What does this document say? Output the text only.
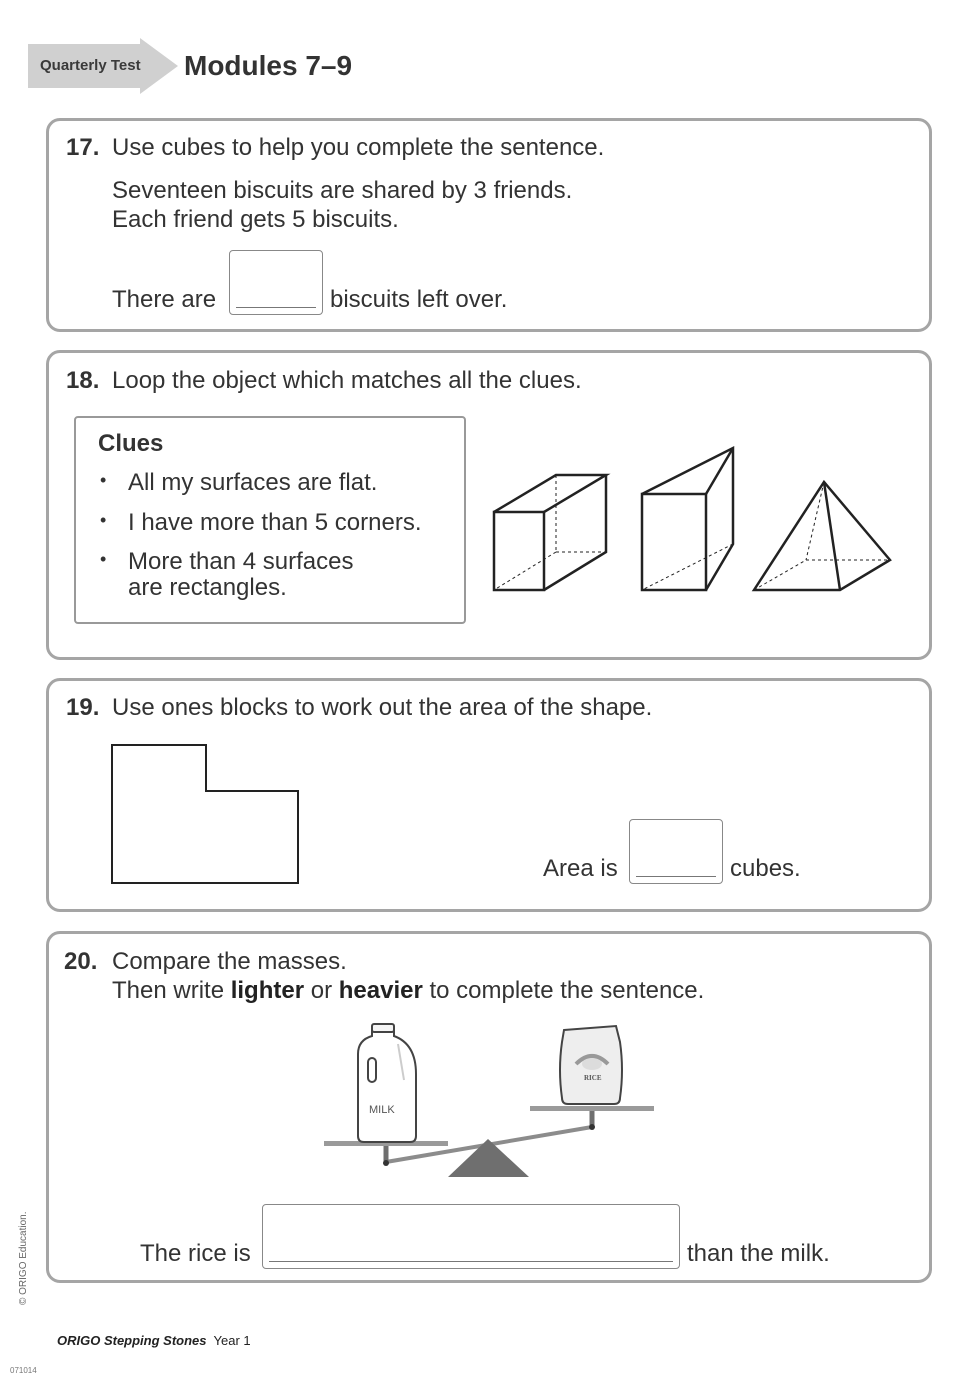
Quarterly Test Modules 7–9
17. Use cubes to help you complete the sentence.
Seventeen biscuits are shared by 3 friends.
Each friend gets 5 biscuits.
There are	biscuits left over.
18. Loop the object which matches all the clues.
Clues
• All my surfaces are flat.
• I have more than 5 corners.
• More than 4 surfaces
are rectangles.
19. Use ones blocks to work out the area of the shape.
Area is	cubes.
20. Compare the masses.
Then write lighter or heavier to complete the sentence.
MILK
RICE
The rice is	than the milk.
© ORIGO Education.
ORIGO Stepping Stones Year 1
071014
